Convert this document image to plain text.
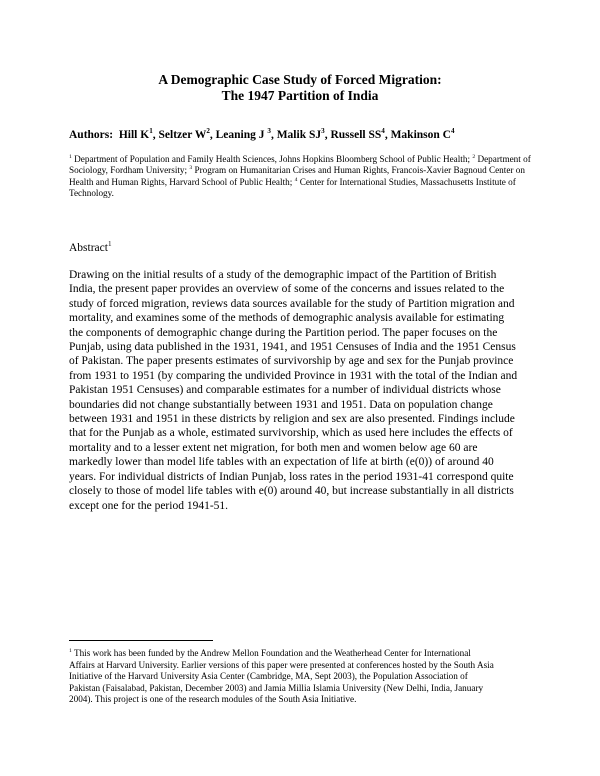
A Demographic Case Study of Forced Migration:
The 1947 Partition of India
Authors: Hill $K^1$, Seltzer $W^2$, Leaning J $^3$, Malik $SJ^3$, Russell $SS^4$, Makinson $C^4$
$^1$ Department of Population and Family Health Sciences, Johns Hopkins Bloomberg School of Public Health; $^2$ Department of Sociology, Fordham University; $^3$ Program on Humanitarian Crises and Human Rights, Francois-Xavier Bagnoud Center on Health and Human Rights, Harvard School of Public Health; $^4$ Center for International Studies, Massachusetts Institute of Technology.
Abstract$^1$
Drawing on the initial results of a study of the demographic impact of the Partition of British
India, the present paper provides an overview of some of the concerns and issues related to the
study of forced migration, reviews data sources available for the study of Partition migration and
mortality, and examines some of the methods of demographic analysis available for estimating
the components of demographic change during the Partition period. The paper focuses on the
Punjab, using data published in the 1931, 1941, and 1951 Censuses of India and the 1951 Census
of Pakistan. The paper presents estimates of survivorship by age and sex for the Punjab province
from 1931 to 1951 (by comparing the undivided Province in 1931 with the total of the Indian and
Pakistan 1951 Censuses) and comparable estimates for a number of individual districts whose
boundaries did not change substantially between 1931 and 1951. Data on population change
between 1931 and 1951 in these districts by religion and sex are also presented. Findings include
that for the Punjab as a whole, estimated survivorship, which as used here includes the effects of
mortality and to a lesser extent net migration, for both men and women below age 60 are
markedly lower than model life tables with an expectation of life at birth (e(0)) of around 40
years. For individual districts of Indian Punjab, loss rates in the period 1931-41 correspond quite
closely to those of model life tables with e(0) around 40, but increase substantially in all districts
except one for the period 1941-51.
$^1$ This work has been funded by the Andrew Mellon Foundation and the Weatherhead Center for International
Affairs at Harvard University. Earlier versions of this paper were presented at conferences hosted by the South Asia
Initiative of the Harvard University Asia Center (Cambridge, MA, Sept 2003), the Population Association of
Pakistan (Faisalabad, Pakistan, December 2003) and Jamia Millia Islamia University (New Delhi, India, January
2004). This project is one of the research modules of the South Asia Initiative.
